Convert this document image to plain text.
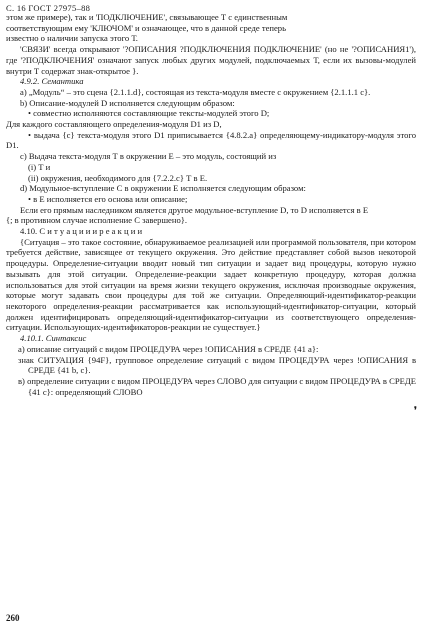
С. 16 ГОСТ 27975–88

этом же примере), так и 'ПОДКЛЮЧЕНИЕ', связывающее Т с единственным

соответствующим ему 'КЛЮЧОМ' и означающее, что в данной среде теперь

известно о наличии запуска этого Т.

'СВЯЗИ' всегда открывают '?ОПИСАНИЯ ?ПОДКЛЮЧЕНИЯ ПОДКЛЮЧЕНИЕ' (но не '?ОПИСАНИЯ1'), где '?ПОДКЛЮЧЕНИЯ' означают запуск любых других модулей, подключаемых Т, если их вызовы-модулей внутри Т содержат знак-открытое }.

4.9.2. Семантика

а) „Модуль“ – это сцена {2.1.1.d}, состоящая из текста-модуля вместе с окружением {2.1.1.1 c}.

b) Описание-модулей D исполняется следующим образом:

• совместно исполняются составляющие тексты-модулей этого D;

Для каждого составляющего определения-модуля D1 из D,

• выдача {c} текста-модуля этого D1 приписывается {4.8.2.а} определяющему-индикатору-модуля этого D1.

с) Выдача текста-модуля Т в окружении Е – это модуль, состоящий из

(i) Т и

(ii) окружения, необходимого для {7.2.2.c} Т в Е.

d) Модульное-вступление С в окружении Е исполняется следующим образом:

• в Е исполняется его основа или описание;

Если его прямым наследником является другое модульное-вступление D, то D исполняется в Е

{; в противном случае исполнение С завершено}.

4.10. С и т у а ц и и и р е а к ц и и

{Ситуация – это такое состояние, обнаруживаемое реализацией или программой пользователя, при котором требуется действие, зависящее от текущего окружения. Это действие представляет собой вызов некоторой процедуры. Определение-ситуации вводит новый тип ситуации и задает вид процедуры, которую нужно вызывать для этой ситуации. Определение-реакции задает конкретную процедуру, которая должна использоваться для этой ситуации на время жизни текущего окружения, исключая производные окружения, которые могут задавать свои процедуры для той же ситуации. Определяющий-идентификатор-реакции некоторого определения-реакции рассматривается как использующий-идентификатор-ситуации, который должен идентифицировать определяющий-идентификатор-ситуации из соответствующего определения-ситуации. Использующих-идентификаторов-реакции не существует.}

4.10.1. Синтаксис

а) описание ситуаций с видом ПРОЦЕДУРА через !ОПИСАНИЯ в СРЕДЕ {41 a}:

знак СИТУАЦИЯ {94F}, групповое определение ситуаций с видом ПРОЦЕДУРА через !ОПИСАНИЯ в СРЕДЕ {41 b, c}.

в) определение ситуации с видом ПРОЦЕДУРА через СЛОВО для ситуации с видом ПРОЦЕДУРА в СРЕДЕ {41 c}: определяющий СЛОВО

❜
260
